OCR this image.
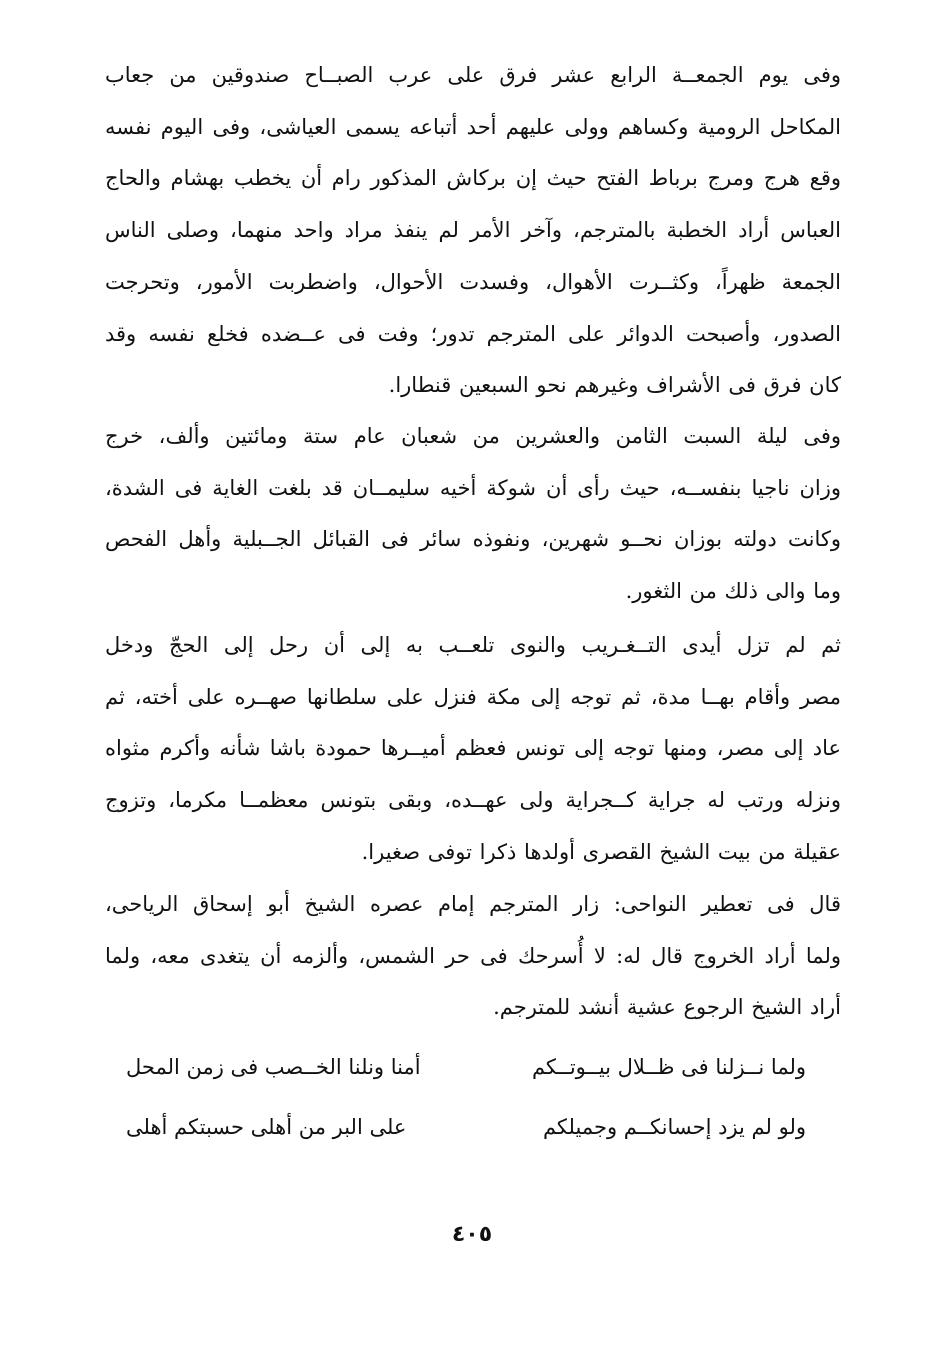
وفى يوم الجمعــة الرابع عشر فرق على عرب الصبــاح صندوقين من جعاب
المكاحل الرومية وكساهم وولى عليهم أحد أتباعه يسمى العياشى، وفى اليوم نفسه
وقع هرج ومرج برباط الفتح حيث إن بركاش المذكور رام أن يخطب بهشام والحاج
العباس أراد الخطبة بالمترجم، وآخر الأمر لم ينفذ مراد واحد منهما، وصلى الناس
الجمعة ظهراً، وكثــرت الأهوال، وفسدت الأحوال، واضطربت الأمور، وتحرجت
الصدور، وأصبحت الدوائر على المترجم تدور؛ وفت فى عــضده فخلع نفسه وقد
كان فرق فى الأشراف وغيرهم نحو السبعين قنطارا.
وفى ليلة السبت الثامن والعشرين من شعبان عام ستة ومائتين وألف، خرج
وزان ناجيا بنفســه، حيث رأى أن شوكة أخيه سليمــان قد بلغت الغاية فى الشدة،
وكانت دولته بوزان نحــو شهرين، ونفوذه سائر فى القبائل الجــبلية وأهل الفحص
وما والى ذلك من الثغور.
ثم لم تزل أيدى التــغـريب والنوى تلعــب به إلى أن رحل إلى الحجّ ودخل
مصر وأقام بهــا مدة، ثم توجه إلى مكة فنزل على سلطانها صهــره على أخته، ثم
عاد إلى مصر، ومنها توجه إلى تونس فعظم أميــرها حمودة باشا شأنه وأكرم مثواه
ونزله ورتب له جراية كــجراية ولى عهــده، وبقى بتونس معظمــا مكرما، وتزوج
عقيلة من بيت الشيخ القصرى أولدها ذكرا توفى صغيرا.
قال فى تعطير النواحى: زار المترجم إمام عصره الشيخ أبو إسحاق الرياحى،
ولما أراد الخروج قال له: لا أُسرحك فى حر الشمس، وألزمه أن يتغدى معه، ولما
أراد الشيخ الرجوع عشية أنشد للمترجم.
ولما نــزلنا فى ظــلال بيــوتــكم
أمنا ونلنا الخــصب فى زمن المحل
ولو لم يزد إحسانكــم وجميلكم
على البر من أهلى حسبتكم أهلى
٤٠٥
